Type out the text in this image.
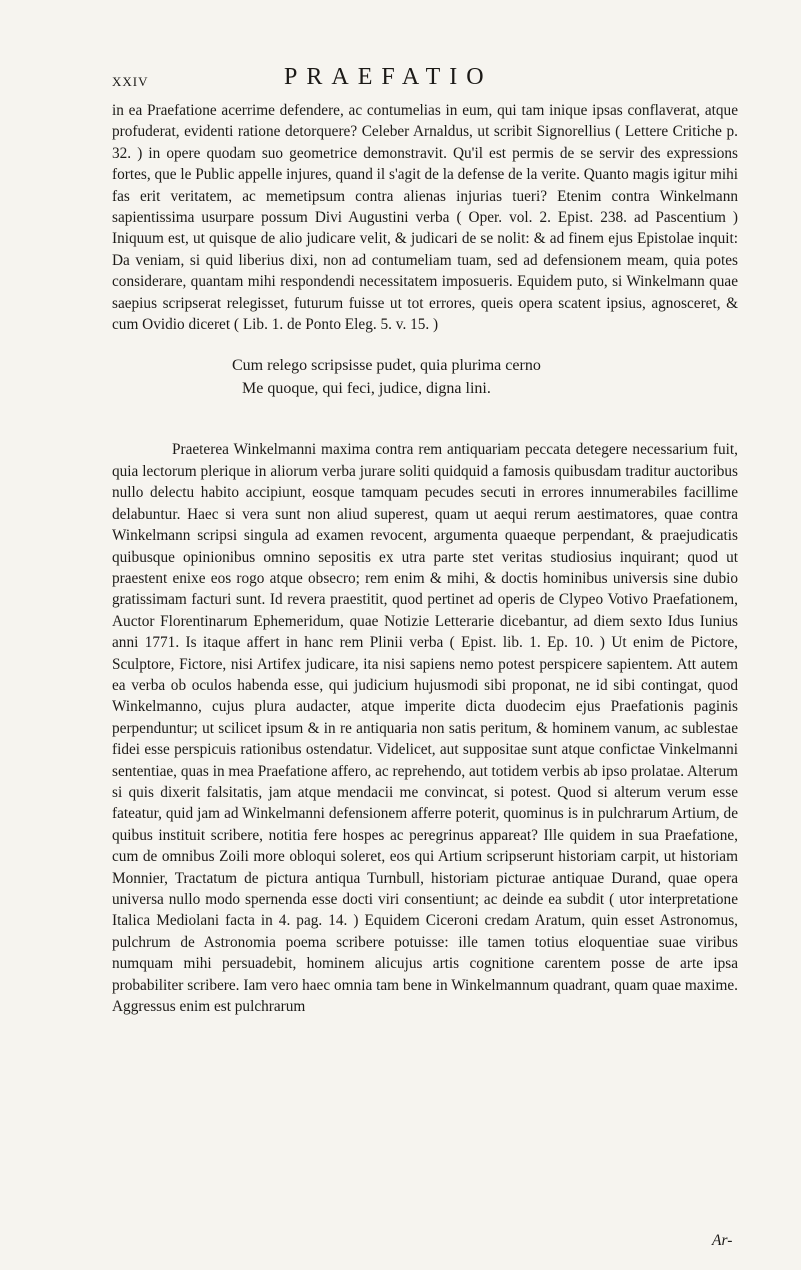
XXIV	PRAEFATIO

in ea Praefatione acerrime defendere, ac contumelias in eum, qui tam inique ipsas conflaverat, atque profuderat, evidenti ratione detorquere? Celeber Arnaldus, ut scribit Signorellius ( Lettere Critiche p. 32. ) in opere quodam suo geometrice demonstravit. Qu'il est permis de se servir des expressions fortes, que le Public appelle injures, quand il s'agit de la defense de la verite. Quanto magis igitur mihi fas erit veritatem, ac memetipsum contra alienas injurias tueri? Etenim contra Winkelmann sapientissima usurpare possum Divi Augustini verba ( Oper. vol. 2. Epist. 238. ad Pascentium ) Iniquum est, ut quisque de alio judicare velit, & judicari de se nolit: & ad finem ejus Epistolae inquit: Da veniam, si quid liberius dixi, non ad contumeliam tuam, sed ad defensionem meam, quia potes considerare, quantam mihi respondendi necessitatem imposueris. Equidem puto, si Winkelmann quae saepius scripserat relegisset, futurum fuisse ut tot errores, queis opera scatent ipsius, agnosceret, & cum Ovidio diceret ( Lib. 1. de Ponto Eleg. 5. v. 15. )

Cum relego scripsisse pudet, quia plurima cerno
Me quoque, qui feci, judice, digna lini.

Praeterea Winkelmanni maxima contra rem antiquariam peccata detegere necessarium fuit, quia lectorum plerique in aliorum verba jurare soliti quidquid a famosis quibusdam traditur auctoribus nullo delectu habito accipiunt, eosque tamquam pecudes secuti in errores innumerabiles facillime delabuntur. Haec si vera sunt non aliud superest, quam ut aequi rerum aestimatores, quae contra Winkelmann scripsi singula ad examen revocent, argumenta quaeque perpendant, & praejudicatis quibusque opinionibus omnino sepositis ex utra parte stet veritas studiosius inquirant; quod ut praestent enixe eos rogo atque obsecro; rem enim & mihi, & doctis hominibus universis sine dubio gratissimam facturi sunt. Id revera praestitit, quod pertinet ad operis de Clypeo Votivo Praefationem, Auctor Florentinarum Ephemeridum, quae Notizie Letterarie dicebantur, ad diem sexto Idus Iunius anni 1771. Is itaque affert in hanc rem Plinii verba ( Epist. lib. 1. Ep. 10. ) Ut enim de Pictore, Sculptore, Fictore, nisi Artifex judicare, ita nisi sapiens nemo potest perspicere sapientem. Att autem ea verba ob oculos habenda esse, qui judicium hujusmodi sibi proponat, ne id sibi contingat, quod Winkelmanno, cujus plura audacter, atque imperite dicta duodecim ejus Praefationis paginis perpenduntur; ut scilicet ipsum & in re antiquaria non satis peritum, & hominem vanum, ac sublestae fidei esse perspicuis rationibus ostendatur. Videlicet, aut suppositae sunt atque confictae Vinkelmanni sententiae, quas in mea Praefatione affero, ac reprehendo, aut totidem verbis ab ipso prolatae. Alterum si quis dixerit falsitatis, jam atque mendacii me convincat, si potest. Quod si alterum verum esse fateatur, quid jam ad Winkelmanni defensionem afferre poterit, quominus is in pulchrarum Artium, de quibus instituit scribere, notitia fere hospes ac peregrinus appareat? Ille quidem in sua Praefatione, cum de omnibus Zoili more obloqui soleret, eos qui Artium scripserunt historiam carpit, ut historiam Monnier, Tractatum de pictura antiqua Turnbull, historiam picturae antiquae Durand, quae opera universa nullo modo spernenda esse docti viri consentiunt; ac deinde ea subdit ( utor interpretatione Italica Mediolani facta in 4. pag. 14. ) Equidem Ciceroni credam Aratum, quin esset Astronomus, pulchrum de Astronomia poema scribere potuisse: ille tamen totius eloquentiae suae viribus numquam mihi persuadebit, hominem alicujus artis cognitione carentem posse de arte ipsa probabiliter scribere. Iam vero haec omnia tam bene in Winkelmannum quadrant, quam quae maxime. Aggressus enim est pulchrarum

Ar-
